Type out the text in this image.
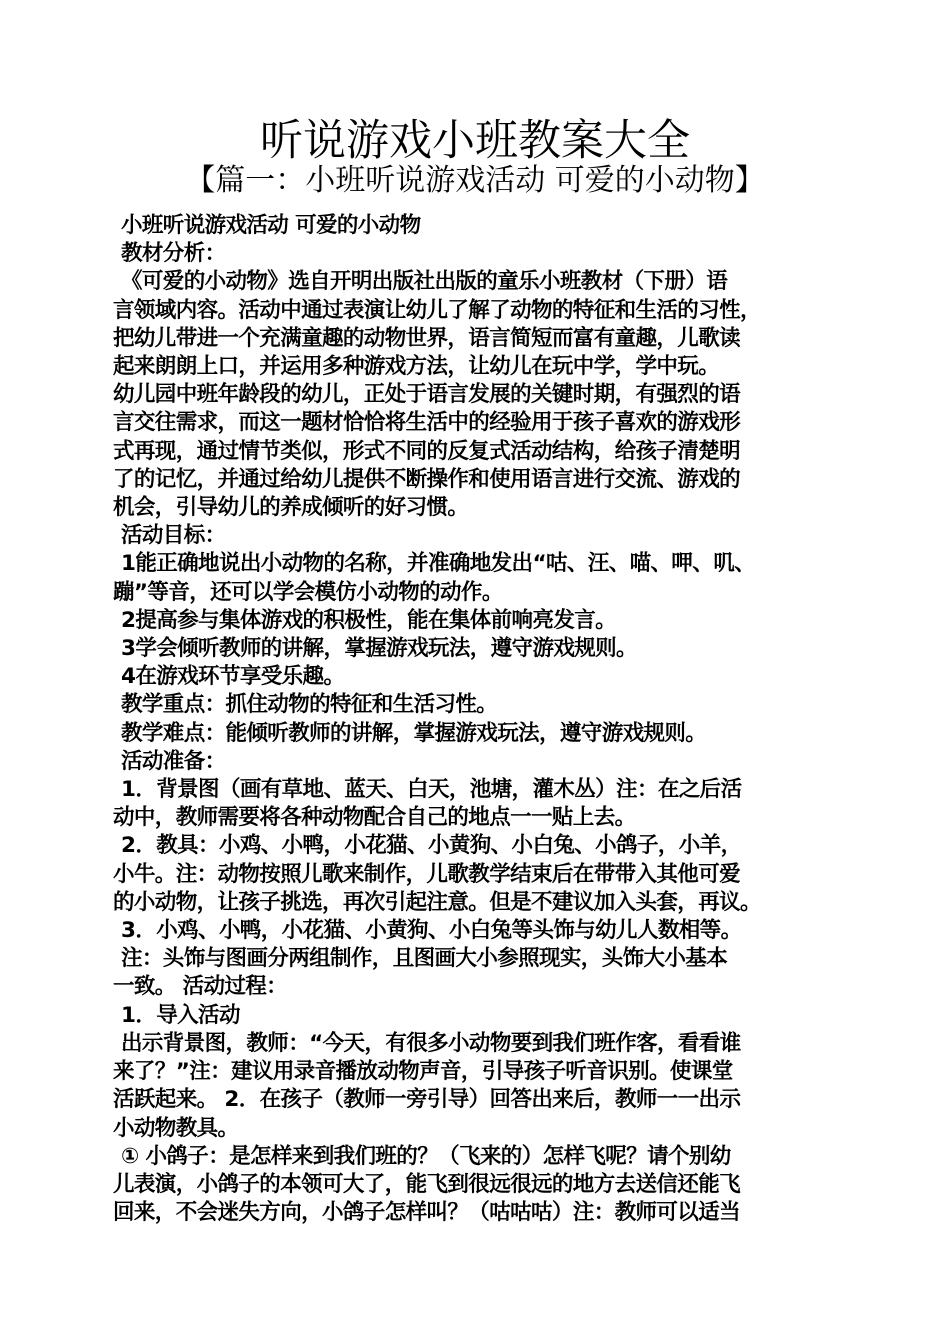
听说游戏小班教案大全
【篇一：小班听说游戏活动 可爱的小动物】

小班听说游戏活动 可爱的小动物

教材分析：

《可爱的小动物》选自开明出版社出版的童乐小班教材（下册）语

言领域内容。活动中通过表演让幼儿了解了动物的特征和生活的习性，

把幼儿带进一个充满童趣的动物世界，语言简短而富有童趣，儿歌读

起来朗朗上口，并运用多种游戏方法，让幼儿在玩中学，学中玩。

幼儿园中班年龄段的幼儿，正处于语言发展的关键时期，有强烈的语

言交往需求，而这一题材恰恰将生活中的经验用于孩子喜欢的游戏形

式再现，通过情节类似，形式不同的反复式活动结构，给孩子清楚明

了的记忆，并通过给幼儿提供不断操作和使用语言进行交流、游戏的

机会，引导幼儿的养成倾听的好习惯。

活动目标：

1能正确地说出小动物的名称，并准确地发出“咕、汪、喵、呷、叽、

蹦”等音，还可以学会模仿小动物的动作。

2提高参与集体游戏的积极性，能在集体前响亮发言。

3学会倾听教师的讲解，掌握游戏玩法，遵守游戏规则。

4在游戏环节享受乐趣。

教学重点：抓住动物的特征和生活习性。

教学难点：能倾听教师的讲解，掌握游戏玩法，遵守游戏规则。

活动准备：

1．背景图（画有草地、蓝天、白天，池塘，灌木丛）注：在之后活

动中，教师需要将各种动物配合自己的地点一一贴上去。

2．教具：小鸡、小鸭，小花猫、小黄狗、小白兔、小鸽子，小羊，

小牛。注：动物按照儿歌来制作，儿歌教学结束后在带带入其他可爱

的小动物，让孩子挑选，再次引起注意。但是不建议加入头套，再议。

3．小鸡、小鸭，小花猫、小黄狗、小白兔等头饰与幼儿人数相等。

注：头饰与图画分两组制作，且图画大小参照现实，头饰大小基本

一致。 活动过程：

1．导入活动

出示背景图，教师：“今天，有很多小动物要到我们班作客，看看谁

来了？”注：建议用录音播放动物声音，引导孩子听音识别。使课堂

活跃起来。 2．在孩子（教师一旁引导）回答出来后，教师一一出示

小动物教具。

① 小鸽子：是怎样来到我们班的？（飞来的）怎样飞呢？请个别幼

儿表演，小鸽子的本领可大了，能飞到很远很远的地方去送信还能飞

回来，不会迷失方向，小鸽子怎样叫？（咕咕咕）注：教师可以适当
